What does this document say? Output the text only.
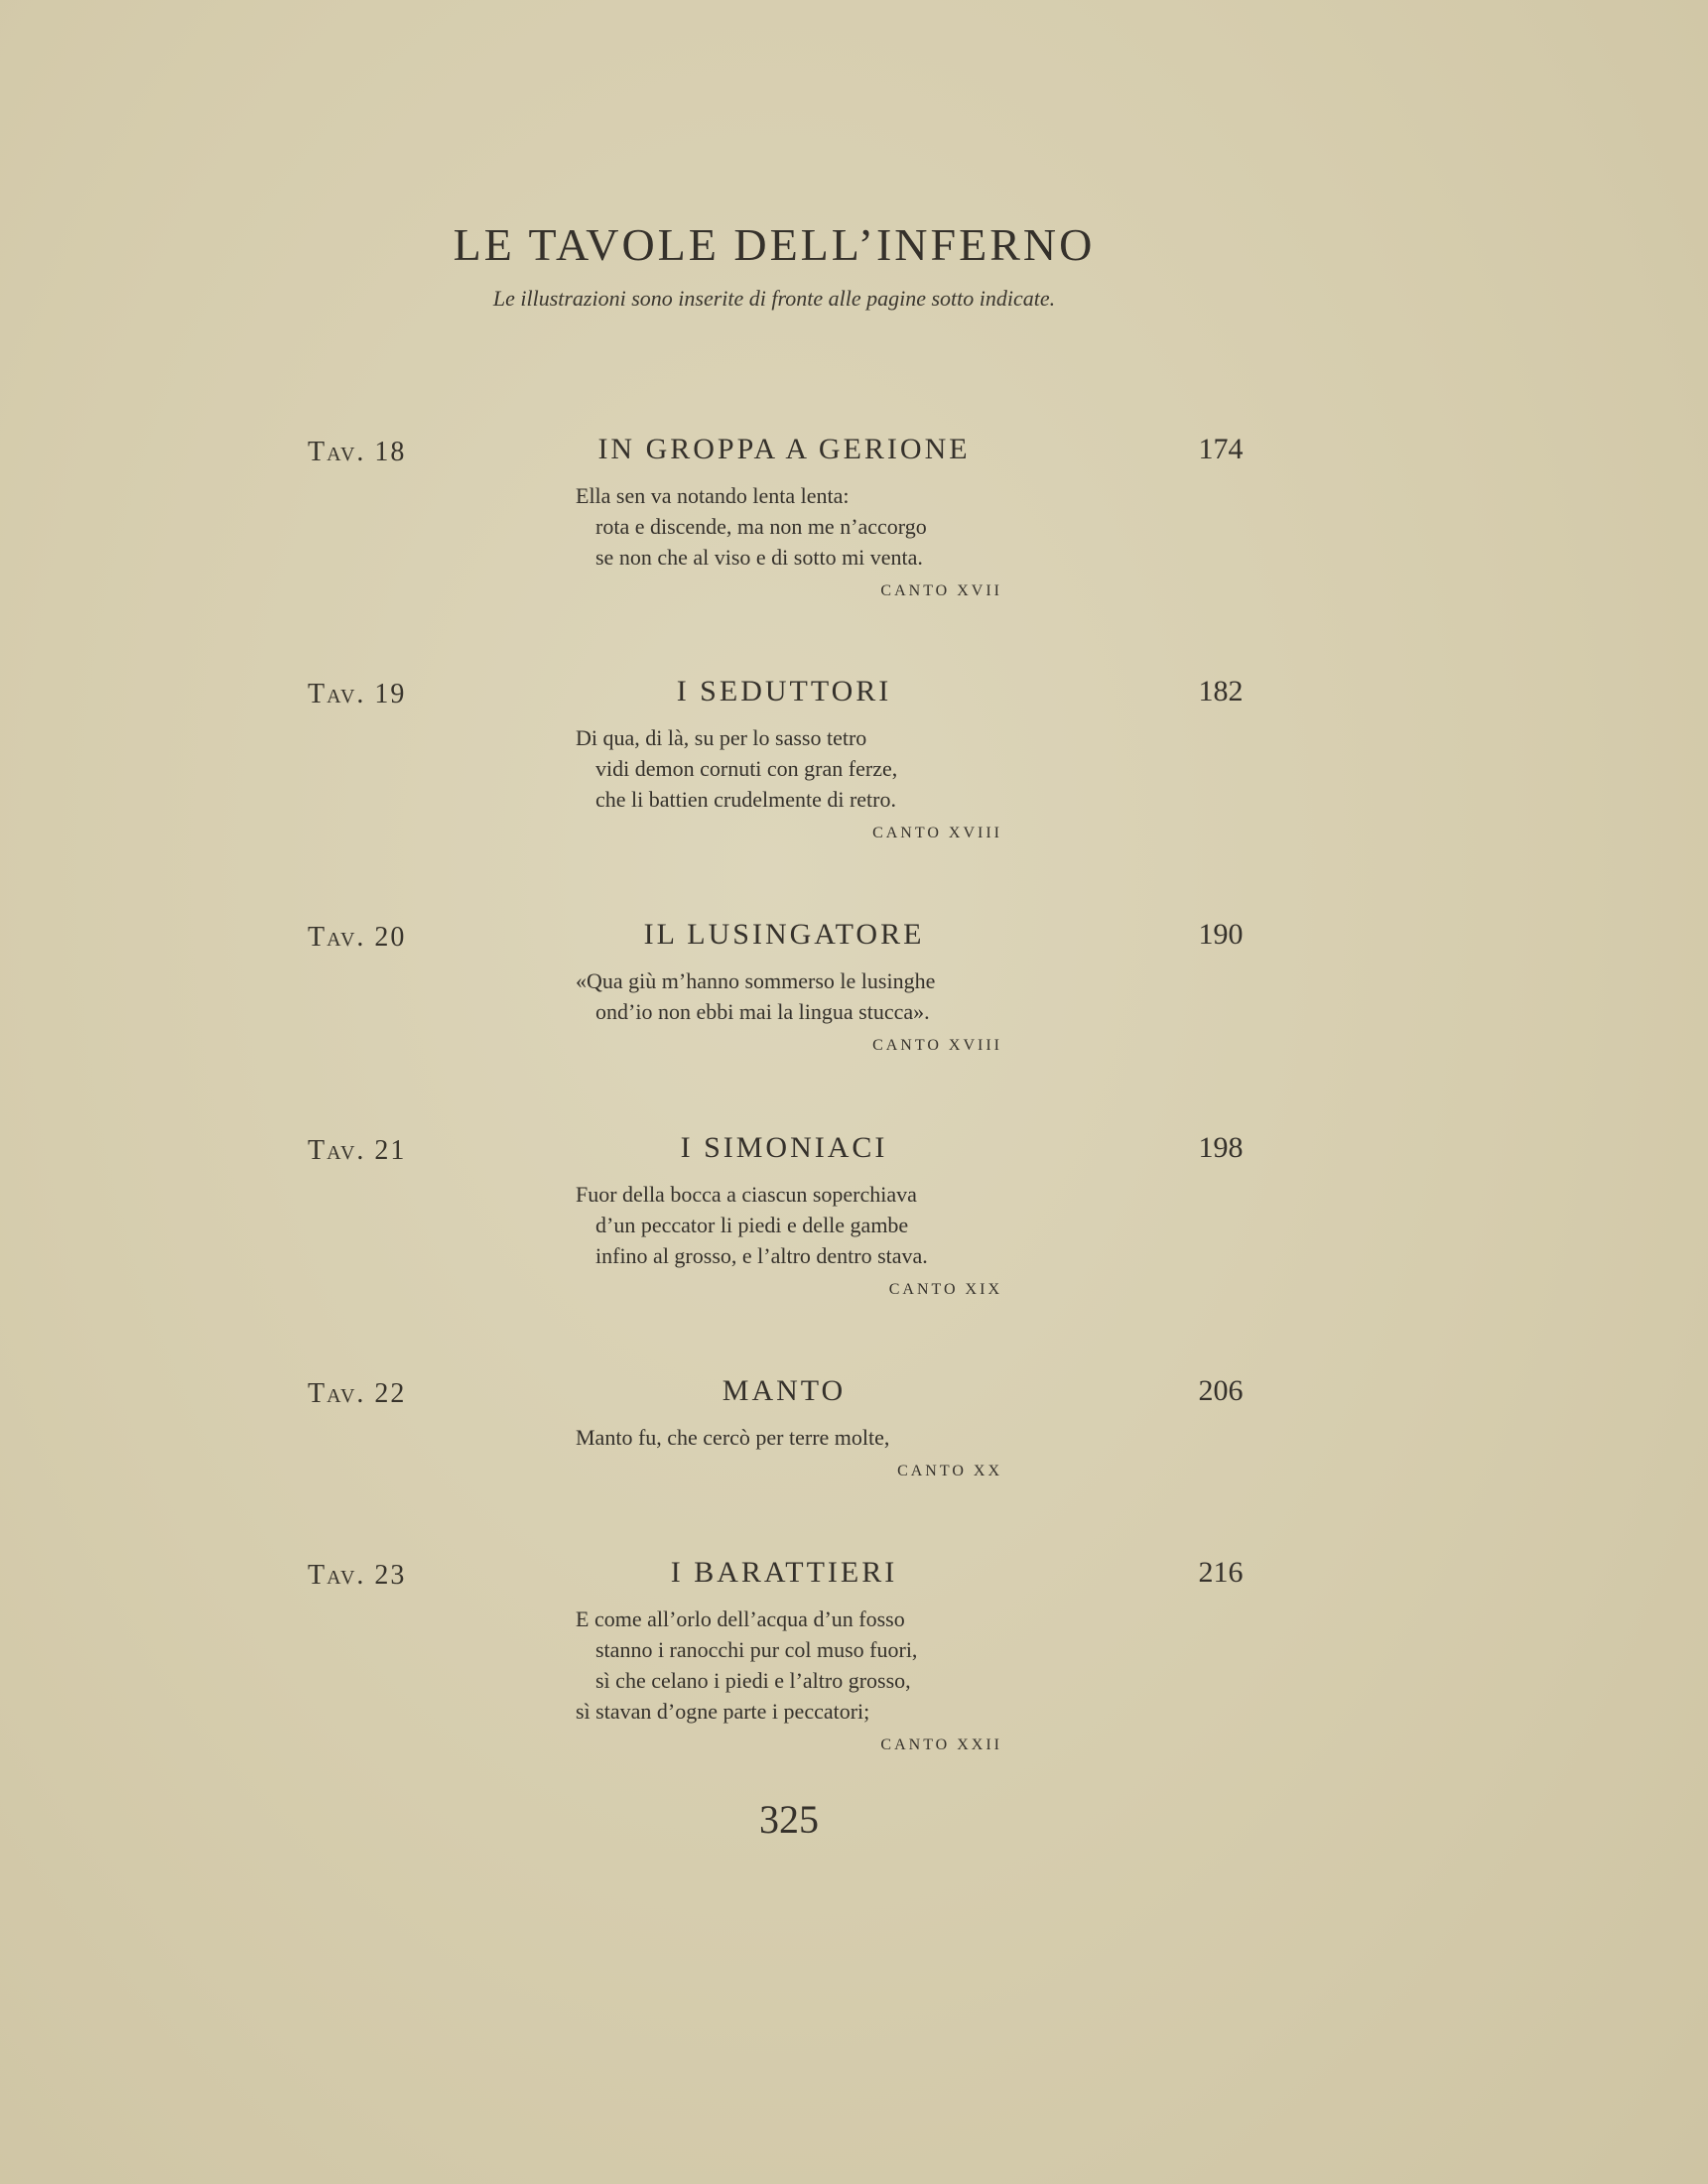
LE TAVOLE DELL’INFERNO
Le illustrazioni sono inserite di fronte alle pagine sotto indicate.
Tav. 18	IN GROPPA A GERIONE	174
Ella sen va notando lenta lenta:
rota e discende, ma non me n’accorgo
se non che al viso e di sotto mi venta.
CANTO XVII
Tav. 19	I SEDUTTORI	182
Di qua, di là, su per lo sasso tetro
vidi demon cornuti con gran ferze,
che li battien crudelmente di retro.
CANTO XVIII
Tav. 20	IL LUSINGATORE	190
«Qua giù m’hanno sommerso le lusinghe
ond’io non ebbi mai la lingua stucca».
CANTO XVIII
Tav. 21	I SIMONIACI	198
Fuor della bocca a ciascun soperchiava
d’un peccator li piedi e delle gambe
infino al grosso, e l’altro dentro stava.
CANTO XIX
Tav. 22	MANTO	206
Manto fu, che cercò per terre molte,
CANTO XX
Tav. 23	I BARATTIERI	216
E come all’orlo dell’acqua d’un fosso
stanno i ranocchi pur col muso fuori,
sì che celano i piedi e l’altro grosso,
sì stavan d’ogne parte i peccatori;
CANTO XXII
325
